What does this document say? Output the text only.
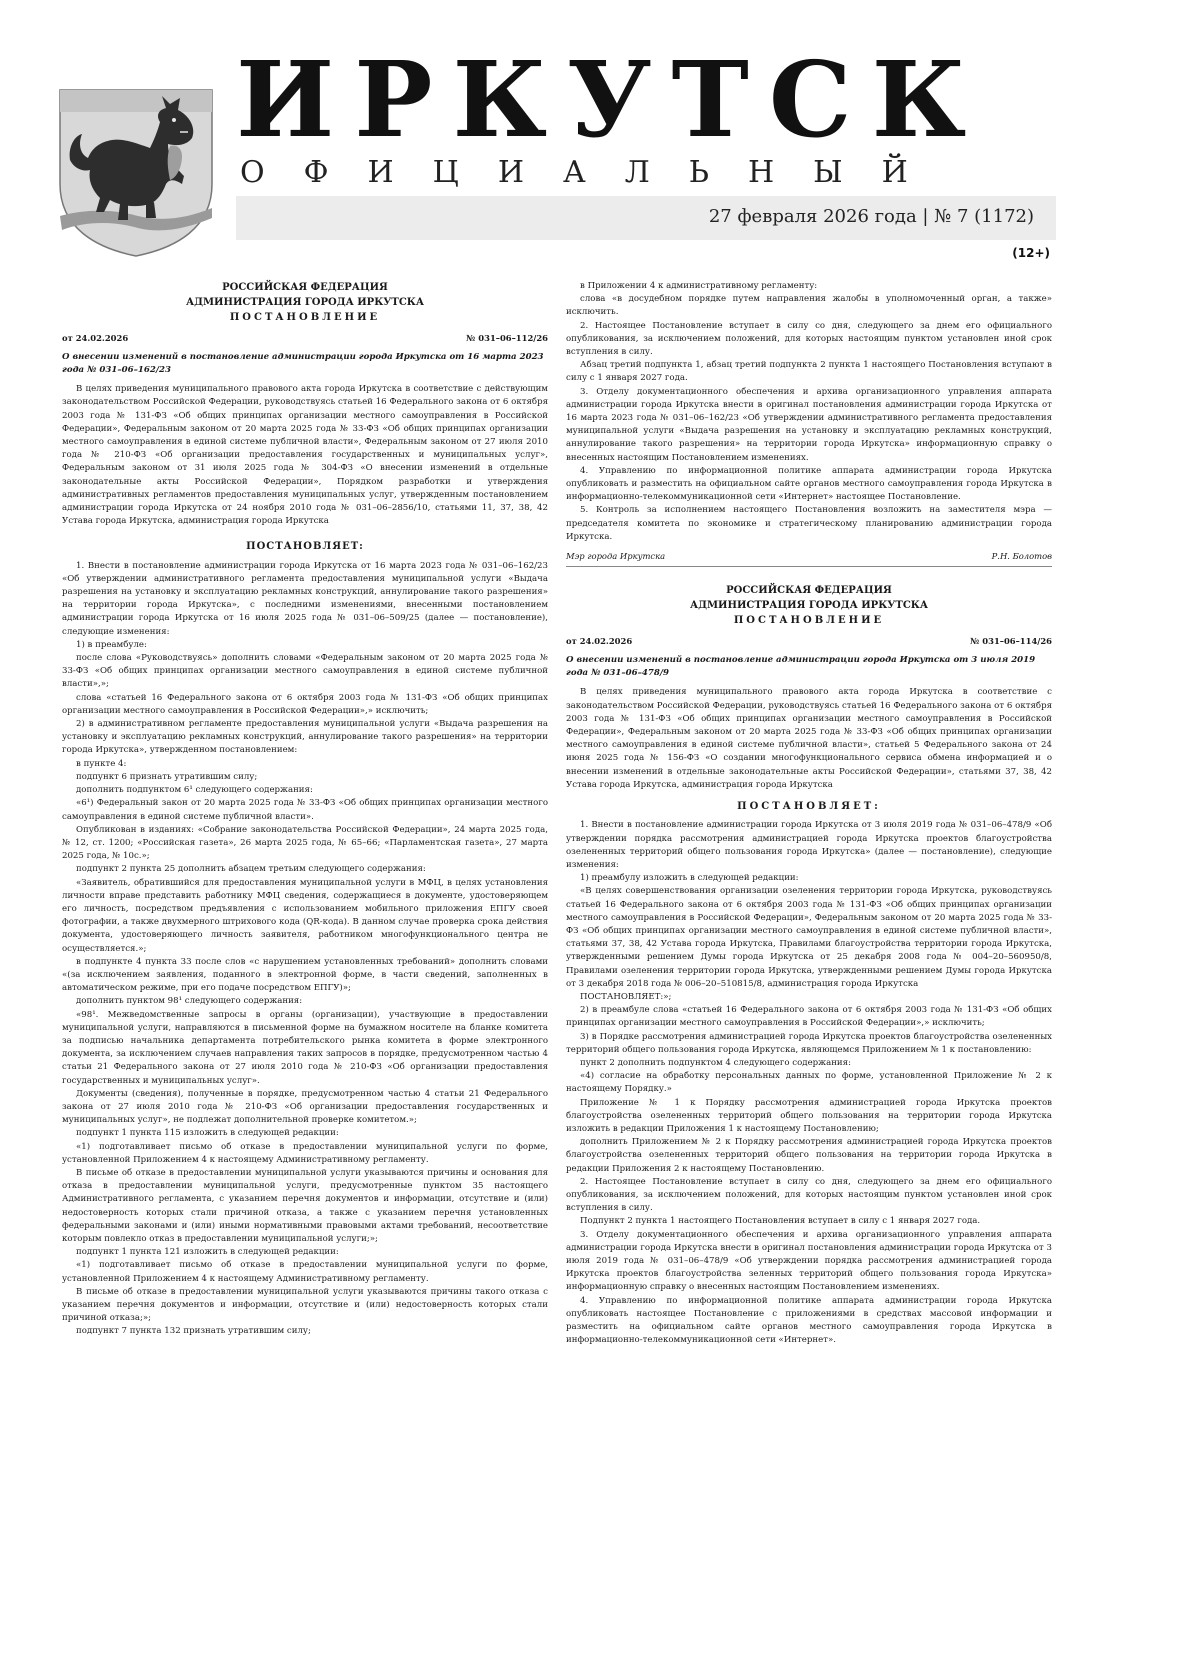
ИРКУТСК
ОФИЦИАЛЬНЫЙ
27 февраля 2026 года | № 7 (1172)
(12+)
РОССИЙСКАЯ ФЕДЕРАЦИЯ
АДМИНИСТРАЦИЯ ГОРОДА ИРКУТСКА
ПОСТАНОВЛЕНИЕ
от 24.02.2026	№ 031–06–112/26
О внесении изменений в постановление администрации города Иркутска от 16 марта 2023 года № 031–06–162/23

В целях приведения муниципального правового акта города Иркутска в соответствие с действующим законодательством Российской Федерации, руководствуясь статьей 16 Федерального закона от 6 октября 2003 года № 131-ФЗ «Об общих принципах организации местного самоуправления в Российской Федерации», Федеральным законом от 20 марта 2025 года № 33-ФЗ «Об общих принципах организации местного самоуправления в единой системе публичной власти», Федеральным законом от 27 июля 2010 года № 210-ФЗ «Об организации предоставления государственных и муниципальных услуг», Федеральным законом от 31 июля 2025 года № 304-ФЗ «О внесении изменений в отдельные законодательные акты Российской Федерации», Порядком разработки и утверждения административных регламентов предоставления муниципальных услуг, утвержденным постановлением администрации города Иркутска от 24 ноября 2010 года № 031–06–2856/10, статьями 11, 37, 38, 42 Устава города Иркутска, администрация города Иркутска

ПОСТАНОВЛЯЕТ:

1. Внести в постановление администрации города Иркутска от 16 марта 2023 года № 031–06–162/23 «Об утверждении административного регламента предоставления муниципальной услуги «Выдача разрешения на установку и эксплуатацию рекламных конструкций, аннулирование такого разрешения» на территории города Иркутска», с последними изменениями, внесенными постановлением администрации города Иркутска от 16 июля 2025 года № 031–06–509/25 (далее — постановление), следующие изменения:

1) в преамбуле:

после слова «Руководствуясь» дополнить словами «Федеральным законом от 20 марта 2025 года № 33-ФЗ «Об общих принципах организации местного самоуправления в единой системе публичной власти»,»;

слова «статьей 16 Федерального закона от 6 октября 2003 года № 131-ФЗ «Об общих принципах организации местного самоуправления в Российской Федерации»,» исключить;

2) в административном регламенте предоставления муниципальной услуги «Выдача разрешения на установку и эксплуатацию рекламных конструкций, аннулирование такого разрешения» на территории города Иркутска», утвержденном постановлением:

в пункте 4:

подпункт 6 признать утратившим силу;

дополнить подпунктом 6¹ следующего содержания:

«6¹) Федеральный закон от 20 марта 2025 года № 33-ФЗ «Об общих принципах организации местного самоуправления в единой системе публичной власти».

Опубликован в изданиях: «Собрание законодательства Российской Федерации», 24 марта 2025 года, № 12, ст. 1200; «Российская газета», 26 марта 2025 года, № 65–66; «Парламентская газета», 27 марта 2025 года, № 10с.»;

подпункт 2 пункта 25 дополнить абзацем третьим следующего содержания:

«Заявитель, обратившийся для предоставления муниципальной услуги в МФЦ, в целях установления личности вправе представить работнику МФЦ сведения, содержащиеся в документе, удостоверяющем его личность, посредством предъявления с использованием мобильного приложения ЕПГУ своей фотографии, а также двухмерного штрихового кода (QR-кода). В данном случае проверка срока действия документа, удостоверяющего личность заявителя, работником многофункционального центра не осуществляется.»;

в подпункте 4 пункта 33 после слов «с нарушением установленных требований» дополнить словами «(за исключением заявления, поданного в электронной форме, в части сведений, заполненных в автоматическом режиме, при его подаче посредством ЕПГУ)»;

дополнить пунктом 98¹ следующего содержания:

«98¹. Межведомственные запросы в органы (организации), участвующие в предоставлении муниципальной услуги, направляются в письменной форме на бумажном носителе на бланке комитета за подписью начальника департамента потребительского рынка комитета в форме электронного документа, за исключением случаев направления таких запросов в порядке, предусмотренном частью 4 статьи 21 Федерального закона от 27 июля 2010 года № 210-ФЗ «Об организации предоставления государственных и муниципальных услуг».

Документы (сведения), полученные в порядке, предусмотренном частью 4 статьи 21 Федерального закона от 27 июля 2010 года № 210-ФЗ «Об организации предоставления государственных и муниципальных услуг», не подлежат дополнительной проверке комитетом.»;

подпункт 1 пункта 115 изложить в следующей редакции:

«1) подготавливает письмо об отказе в предоставлении муниципальной услуги по форме, установленной Приложением 4 к настоящему Административному регламенту.

В письме об отказе в предоставлении муниципальной услуги указываются причины и основания для отказа в предоставлении муниципальной услуги, предусмотренные пунктом 35 настоящего Административного регламента, с указанием перечня документов и информации, отсутствие и (или) недостоверность которых стали причиной отказа, а также с указанием перечня установленных федеральными законами и (или) иными нормативными правовыми актами требований, несоответствие которым повлекло отказ в предоставлении муниципальной услуги;»;

подпункт 1 пункта 121 изложить в следующей редакции:

«1) подготавливает письмо об отказе в предоставлении муниципальной услуги по форме, установленной Приложением 4 к настоящему Административному регламенту.

В письме об отказе в предоставлении муниципальной услуги указываются причины такого отказа с указанием перечня документов и информации, отсутствие и (или) недостоверность которых стали причиной отказа;»;

подпункт 7 пункта 132 признать утратившим силу;

в Приложении 4 к административному регламенту:

слова «в досудебном порядке путем направления жалобы в уполномоченный орган, а также» исключить.

2. Настоящее Постановление вступает в силу со дня, следующего за днем его официального опубликования, за исключением положений, для которых настоящим пунктом установлен иной срок вступления в силу.

Абзац третий подпункта 1, абзац третий подпункта 2 пункта 1 настоящего Постановления вступают в силу с 1 января 2027 года.

3. Отделу документационного обеспечения и архива организационного управления аппарата администрации города Иркутска внести в оригинал постановления администрации города Иркутска от 16 марта 2023 года № 031–06–162/23 «Об утверждении административного регламента предоставления муниципальной услуги «Выдача разрешения на установку и эксплуатацию рекламных конструкций, аннулирование такого разрешения» на территории города Иркутска» информационную справку о внесенных настоящим Постановлением изменениях.

4. Управлению по информационной политике аппарата администрации города Иркутска опубликовать и разместить на официальном сайте органов местного самоуправления города Иркутска в информационно-телекоммуникационной сети «Интернет» настоящее Постановление.

5. Контроль за исполнением настоящего Постановления возложить на заместителя мэра — председателя комитета по экономике и стратегическому планированию администрации города Иркутска.

Мэр города Иркутска	Р.Н. Болотов
РОССИЙСКАЯ ФЕДЕРАЦИЯ
АДМИНИСТРАЦИЯ ГОРОДА ИРКУТСКА
ПОСТАНОВЛЕНИЕ
от 24.02.2026	№ 031–06–114/26
О внесении изменений в постановление администрации города Иркутска от 3 июля 2019 года № 031–06–478/9

В целях приведения муниципального правового акта города Иркутска в соответствие с законодательством Российской Федерации, руководствуясь статьей 16 Федерального закона от 6 октября 2003 года № 131-ФЗ «Об общих принципах организации местного самоуправления в Российской Федерации», Федеральным законом от 20 марта 2025 года № 33-ФЗ «Об общих принципах организации местного самоуправления в единой системе публичной власти», статьей 5 Федерального закона от 24 июня 2025 года № 156-ФЗ «О создании многофункционального сервиса обмена информацией и о внесении изменений в отдельные законодательные акты Российской Федерации», статьями 37, 38, 42 Устава города Иркутска, администрация города Иркутска

ПОСТАНОВЛЯЕТ:

1. Внести в постановление администрации города Иркутска от 3 июля 2019 года № 031–06–478/9 «Об утверждении порядка рассмотрения администрацией города Иркутска проектов благоустройства озелененных территорий общего пользования города Иркутска» (далее — постановление), следующие изменения:

1) преамбулу изложить в следующей редакции:

«В целях совершенствования организации озеленения территории города Иркутска, руководствуясь статьей 16 Федерального закона от 6 октября 2003 года № 131-ФЗ «Об общих принципах организации местного самоуправления в Российской Федерации», Федеральным законом от 20 марта 2025 года № 33-ФЗ «Об общих принципах организации местного самоуправления в единой системе публичной власти», статьями 37, 38, 42 Устава города Иркутска, Правилами благоустройства территории города Иркутска, утвержденными решением Думы города Иркутска от 25 декабря 2008 года № 004–20–560950/8, Правилами озеленения территории города Иркутска, утвержденными решением Думы города Иркутска от 3 декабря 2018 года № 006–20–510815/8, администрация города Иркутска

ПОСТАНОВЛЯЕТ:»;

2) в преамбуле слова «статьей 16 Федерального закона от 6 октября 2003 года № 131-ФЗ «Об общих принципах организации местного самоуправления в Российской Федерации»,» исключить;

3) в Порядке рассмотрения администрацией города Иркутска проектов благоустройства озелененных территорий общего пользования города Иркутска, являющемся Приложением № 1 к постановлению:

пункт 2 дополнить подпунктом 4 следующего содержания:

«4) согласие на обработку персональных данных по форме, установленной Приложение № 2 к настоящему Порядку.»

Приложение № 1 к Порядку рассмотрения администрацией города Иркутска проектов благоустройства озелененных территорий общего пользования на территории города Иркутска изложить в редакции Приложения 1 к настоящему Постановлению;

дополнить Приложением № 2 к Порядку рассмотрения администрацией города Иркутска проектов благоустройства озелененных территорий общего пользования на территории города Иркутска в редакции Приложения 2 к настоящему Постановлению.

2. Настоящее Постановление вступает в силу со дня, следующего за днем его официального опубликования, за исключением положений, для которых настоящим пунктом установлен иной срок вступления в силу.

Подпункт 2 пункта 1 настоящего Постановления вступает в силу с 1 января 2027 года.

3. Отделу документационного обеспечения и архива организационного управления аппарата администрации города Иркутска внести в оригинал постановления администрации города Иркутска от 3 июля 2019 года № 031–06–478/9 «Об утверждении порядка рассмотрения администрацией города Иркутска проектов благоустройства зеленных территорий общего пользования города Иркутска» информационную справку о внесенных настоящим Постановлением изменениях.

4. Управлению по информационной политике аппарата администрации города Иркутска опубликовать настоящее Постановление с приложениями в средствах массовой информации и разместить на официальном сайте органов местного самоуправления города Иркутска в информационно-телекоммуникационной сети «Интернет».
